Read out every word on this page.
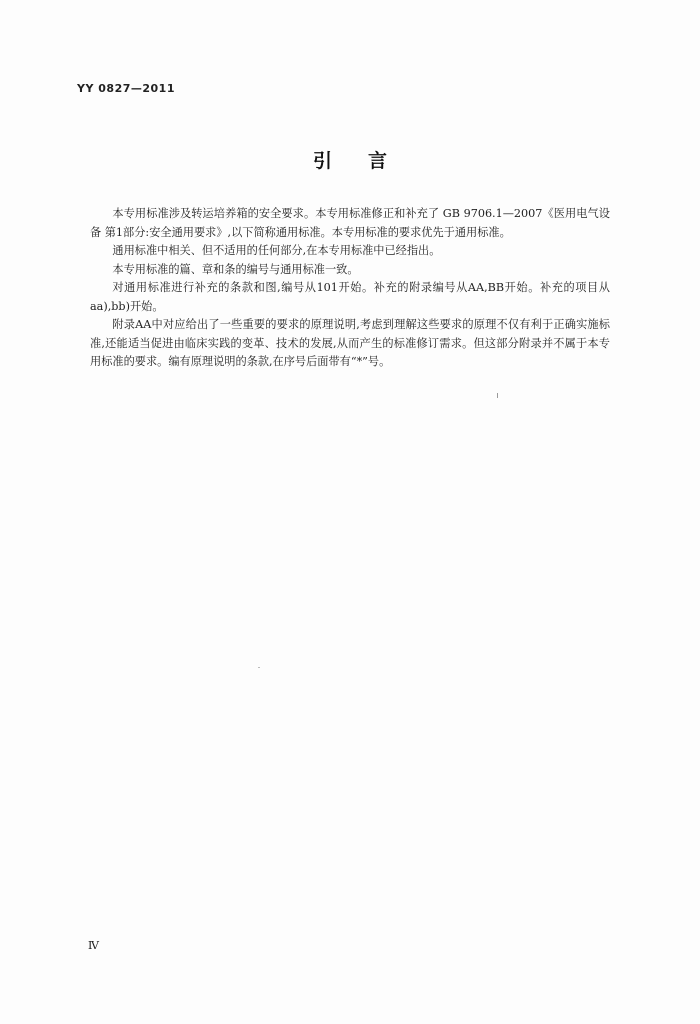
YY 0827—2011
引言

本专用标准涉及转运培养箱的安全要求。本专用标准修正和补充了 GB 9706.1—2007《医用电气设备 第1部分:安全通用要求》,以下简称通用标准。本专用标准的要求优先于通用标准。

通用标准中相关、但不适用的任何部分,在本专用标准中已经指出。

本专用标准的篇、章和条的编号与通用标准一致。

对通用标准进行补充的条款和图,编号从101开始。补充的附录编号从AA,BB开始。补充的项目从aa),bb)开始。

附录AA中对应给出了一些重要的要求的原理说明,考虑到理解这些要求的原理不仅有利于正确实施标准,还能适当促进由临床实践的变革、技术的发展,从而产生的标准修订需求。但这部分附录并不属于本专用标准的要求。编有原理说明的条款,在序号后面带有“*”号。

Ⅳ
